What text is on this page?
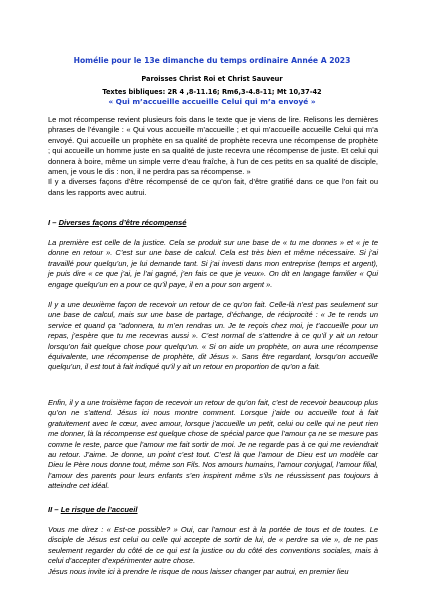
Homélie pour le 13e dimanche du temps ordinaire Année A 2023
Paroisses Christ Roi et Christ Sauveur
Textes bibliques: 2R 4 ,8-11.16; Rm6,3-4.8-11; Mt 10,37-42
« Qui m’accueille accueille Celui qui m’a envoyé »

Le mot récompense revient plusieurs fois dans le texte que je viens de lire. Relisons les dernières phrases de l’évangile : « Qui vous accueille m’accueille ; et qui m’accueille accueille Celui qui m’a envoyé. Qui accueille un prophète en sa qualité de prophète recevra une récompense de prophète ; qui accueille un homme juste en sa qualité de juste recevra une récompense de juste. Et celui qui donnera à boire, même un simple verre d’eau fraîche, à l’un de ces petits en sa qualité de disciple, amen, je vous le dis : non, il ne perdra pas sa récompense. »

Il y a diverses façons d’être récompensé de ce qu’on fait, d’être gratifié dans ce que l’on fait ou dans les rapports avec autrui.

I – Diverses façons d’être récompensé

La première est celle de la justice. Cela se produit sur une base de « tu me donnes » et « je te donne en retour ». C’est sur une base de calcul. Cela est très bien et même nécessaire. Si j’ai travaillé pour quelqu’un, je lui demande tant. Si j’ai investi dans mon entreprise (temps et argent), je puis dire « ce que j’ai, je l’ai gagné, j’en fais ce que je veux». On dit en langage familier « Qui engage quelqu’un en a pour ce qu’il paye, il en a pour son argent ».

Il y a une deuxième façon de recevoir un retour de ce qu’on fait. Celle-là n’est pas seulement sur une base de calcul, mais sur une base de partage, d’échange, de réciprocité : « Je te rends un service et quand ça "adonnera, tu m’en rendras un. Je te reçois chez moi, je t’accueille pour un repas, j’espère que tu me recevras aussi ». C’est normal de s’attendre à ce qu’il y ait un retour lorsqu’on fait quelque chose pour quelqu’un. « Si on aide un prophète, on aura une récompense équivalente, une récompense de prophète, dit Jésus ». Sans être regardant, lorsqu’on accueille quelqu’un, il est tout à fait indiqué qu’il y ait un retour en proportion de qu’on a fait.

Enfin, il y a une troisième façon de recevoir un retour de qu’on fait, c’est de recevoir beaucoup plus qu’on ne s’attend. Jésus ici nous montre comment. Lorsque j’aide ou accueille tout à fait gratuitement avec le cœur, avec amour, lorsque j’accueille un petit, celui ou celle qui ne peut rien me donner, là la récompense est quelque chose de spécial parce que l’amour ça ne se mesure pas comme le reste, parce que l’amour me fait sortir de moi. Je ne regarde pas à ce qui me reviendrait au retour. J’aime. Je donne, un point c’est tout. C’est là que l’amour de Dieu est un modèle car Dieu le Père nous donne tout, même son Fils. Nos amours humains, l’amour conjugal, l’amour filial, l’amour des parents pour leurs enfants s’en inspirent même s’ils ne réussissent pas toujours à atteindre cet idéal.

II – Le risque de l’accueil

Vous me direz : « Est-ce possible? » Oui, car l’amour est à la portée de tous et de toutes. Le disciple de Jésus est celui ou celle qui accepte de sortir de lui, de « perdre sa vie », de ne pas seulement regarder du côté de ce qui est la justice ou du côté des conventions sociales, mais à celui d’accepter d’expérimenter autre chose.

Jésus nous invite ici à prendre le risque de nous laisser changer par autrui, en premier lieu
